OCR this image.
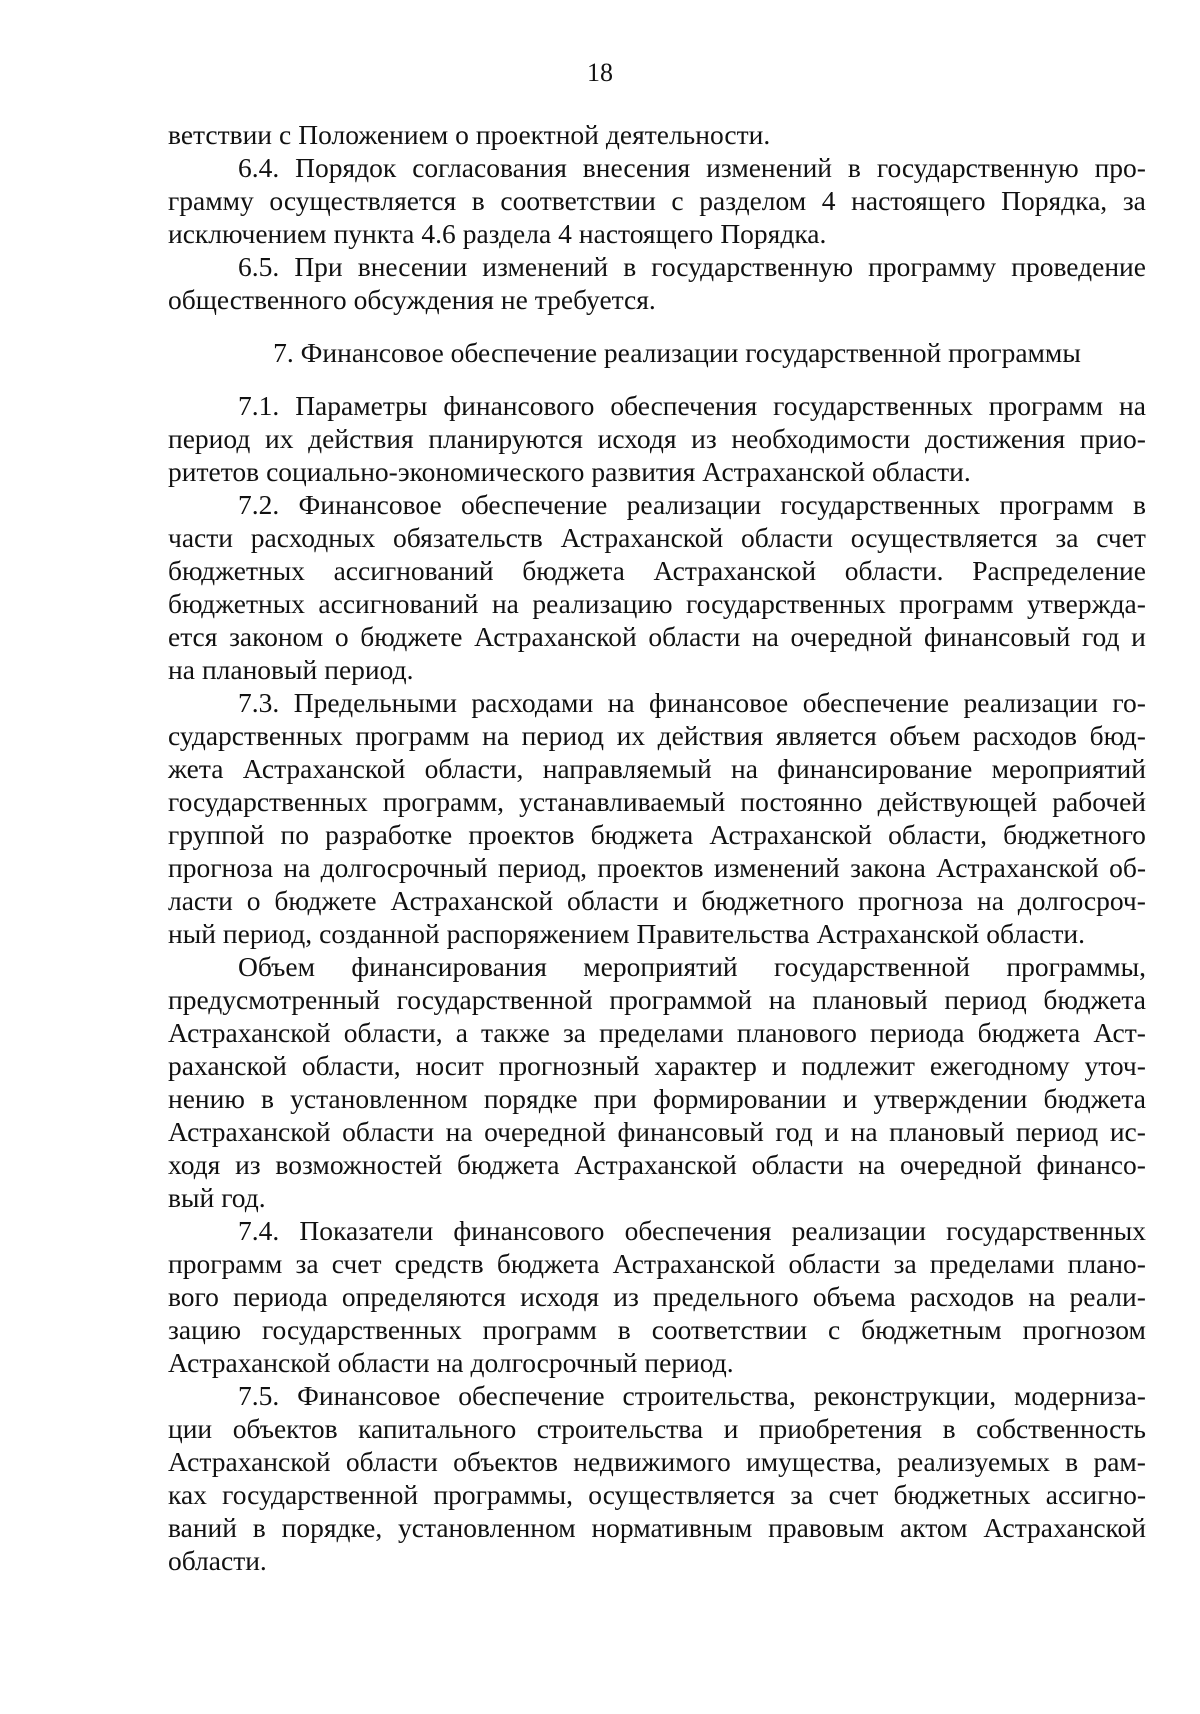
18
ветствии с Положением о проектной деятельности.
6.4. Порядок согласования внесения изменений в государственную про-
грамму осуществляется в соответствии с разделом 4 настоящего Порядка, за
исключением пункта 4.6 раздела 4 настоящего Порядка.
6.5. При внесении изменений в государственную программу проведение
общественного обсуждения не требуется.
7. Финансовое обеспечение реализации государственной программы
7.1. Параметры финансового обеспечения государственных программ на
период их действия планируются исходя из необходимости достижения прио-
ритетов социально-экономического развития Астраханской области.
7.2. Финансовое обеспечение реализации государственных программ в
части расходных обязательств Астраханской области осуществляется за счет
бюджетных ассигнований бюджета Астраханской области. Распределение
бюджетных ассигнований на реализацию государственных программ утвержда-
ется законом о бюджете Астраханской области на очередной финансовый год и
на плановый период.
7.3. Предельными расходами на финансовое обеспечение реализации го-
сударственных программ на период их действия является объем расходов бюд-
жета Астраханской области, направляемый на финансирование мероприятий
государственных программ, устанавливаемый постоянно действующей рабочей
группой по разработке проектов бюджета Астраханской области, бюджетного
прогноза на долгосрочный период, проектов изменений закона Астраханской об-
ласти о бюджете Астраханской области и бюджетного прогноза на долгосроч-
ный период, созданной распоряжением Правительства Астраханской области.
Объем финансирования мероприятий государственной программы,
предусмотренный государственной программой на плановый период бюджета
Астраханской области, а также за пределами планового периода бюджета Аст-
раханской области, носит прогнозный характер и подлежит ежегодному уточ-
нению в установленном порядке при формировании и утверждении бюджета
Астраханской области на очередной финансовый год и на плановый период ис-
ходя из возможностей бюджета Астраханской области на очередной финансо-
вый год.
7.4. Показатели финансового обеспечения реализации государственных
программ за счет средств бюджета Астраханской области за пределами плано-
вого периода определяются исходя из предельного объема расходов на реали-
зацию государственных программ в соответствии с бюджетным прогнозом
Астраханской области на долгосрочный период.
7.5. Финансовое обеспечение строительства, реконструкции, модерниза-
ции объектов капитального строительства и приобретения в собственность
Астраханской области объектов недвижимого имущества, реализуемых в рам-
ках государственной программы, осуществляется за счет бюджетных ассигно-
ваний в порядке, установленном нормативным правовым актом Астраханской
области.
